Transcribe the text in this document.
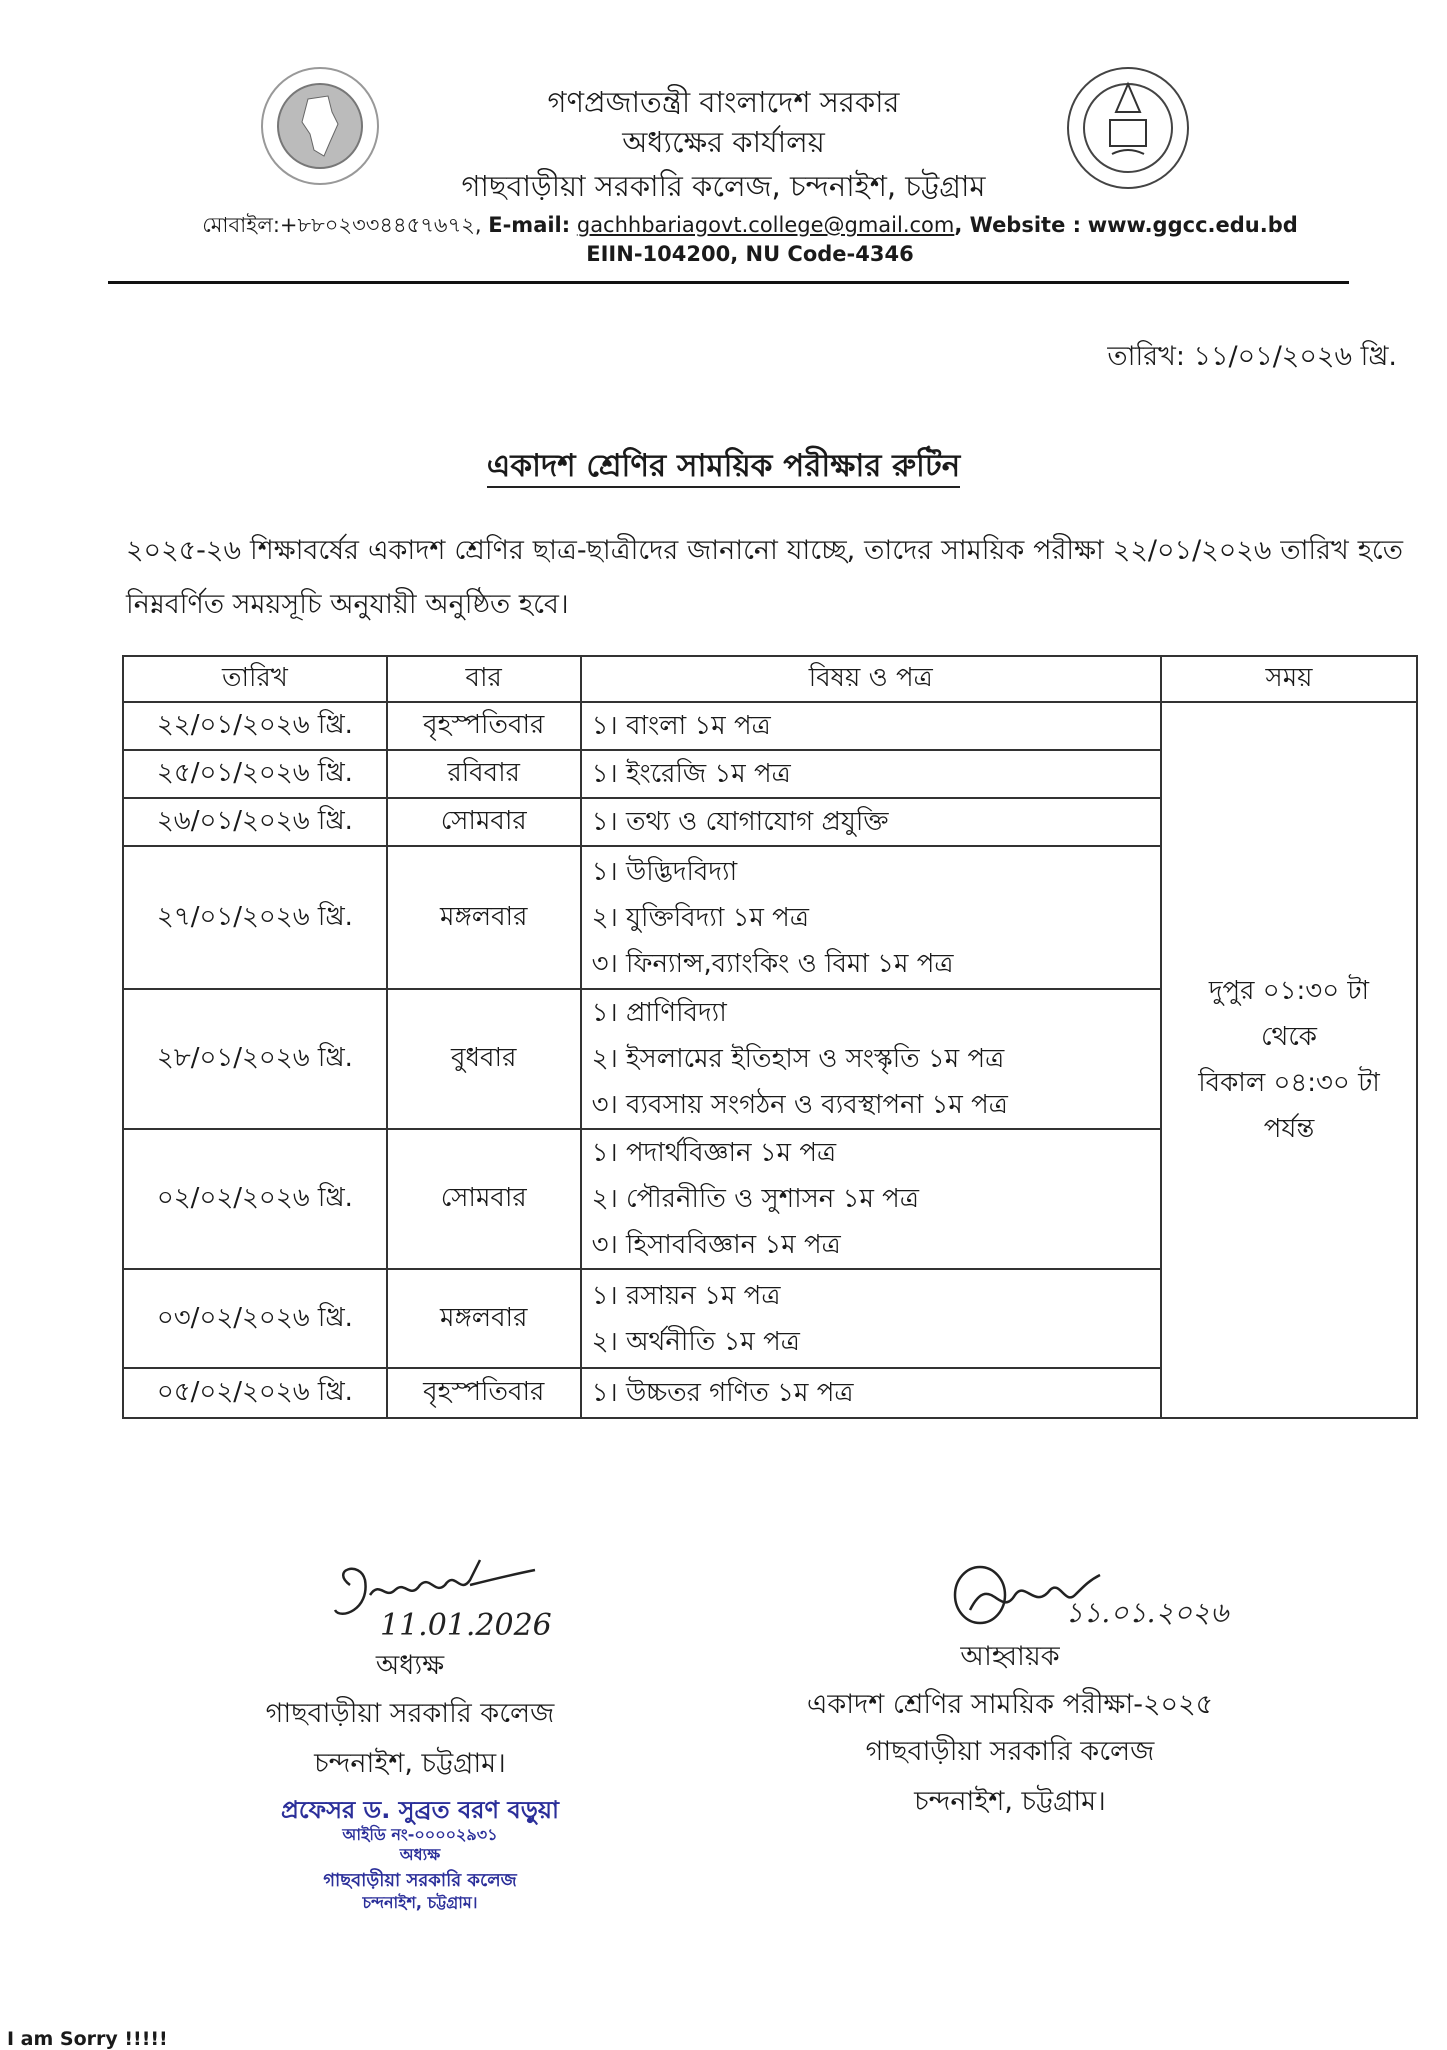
গণপ্রজাতন্ত্রী বাংলাদেশ সরকার
অধ্যক্ষের কার্যালয়
গাছবাড়ীয়া সরকারি কলেজ, চন্দনাইশ, চট্টগ্রাম
মোবাইল:+৮৮০২৩৩৪৪৫৭৬৭২, E-mail: gachhbariagovt.college@gmail.com, Website : www.ggcc.edu.bd
EIIN-104200, NU Code-4346
তারিখ: ১১/০১/২০২৬ খ্রি.
একাদশ শ্রেণির সাময়িক পরীক্ষার রুটিন
২০২৫-২৬ শিক্ষাবর্ষের একাদশ শ্রেণির ছাত্র-ছাত্রীদের জানানো যাচ্ছে, তাদের সাময়িক পরীক্ষা ২২/০১/২০২৬ তারিখ হতে নিম্নবর্ণিত সময়সূচি অনুযায়ী অনুষ্ঠিত হবে।
তারিখ	বার	বিষয় ও পত্র	সময়
২২/০১/২০২৬ খ্রি.	বৃহস্পতিবার	১। বাংলা ১ম পত্র	দুপুর ০১:৩০ টা
থেকে
বিকাল ০৪:৩০ টা
পর্যন্ত

২৫/০১/২০২৬ খ্রি.	রবিবার	১। ইংরেজি ১ম পত্র	

২৬/০১/২০২৬ খ্রি.	সোমবার	১। তথ্য ও যোগাযোগ প্রযুক্তি	

২৭/০১/২০২৬ খ্রি.	মঙ্গলবার	১। উদ্ভিদবিদ্যা
২। যুক্তিবিদ্যা ১ম পত্র
৩। ফিন্যান্স,ব্যাংকিং ও বিমা ১ম পত্র	

২৮/০১/২০২৬ খ্রি.	বুধবার	১। প্রাণিবিদ্যা
২। ইসলামের ইতিহাস ও সংস্কৃতি ১ম পত্র
৩। ব্যবসায় সংগঠন ও ব্যবস্থাপনা ১ম পত্র	

০২/০২/২০২৬ খ্রি.	সোমবার	১। পদার্থবিজ্ঞান ১ম পত্র
২। পৌরনীতি ও সুশাসন ১ম পত্র
৩। হিসাববিজ্ঞান ১ম পত্র	

০৩/০২/২০২৬ খ্রি.	মঙ্গলবার	১। রসায়ন ১ম পত্র
২। অর্থনীতি ১ম পত্র	

০৫/০২/২০২৬ খ্রি.	বৃহস্পতিবার	১। উচ্চতর গণিত ১ম পত্র	
11.01.2026
অধ্যক্ষ
গাছবাড়ীয়া সরকারি কলেজ
চন্দনাইশ, চট্টগ্রাম।
প্রফেসর ড. সুব্রত বরণ বড়ুয়া
আইডি নং-০০০০২৯৩১
অধ্যক্ষ
গাছবাড়ীয়া সরকারি কলেজ
চন্দনাইশ, চট্টগ্রাম।
১১.০১.২০২৬
আহ্বায়ক
একাদশ শ্রেণির সাময়িক পরীক্ষা-২০২৫
গাছবাড়ীয়া সরকারি কলেজ
চন্দনাইশ, চট্টগ্রাম।
I am Sorry !!!!!
